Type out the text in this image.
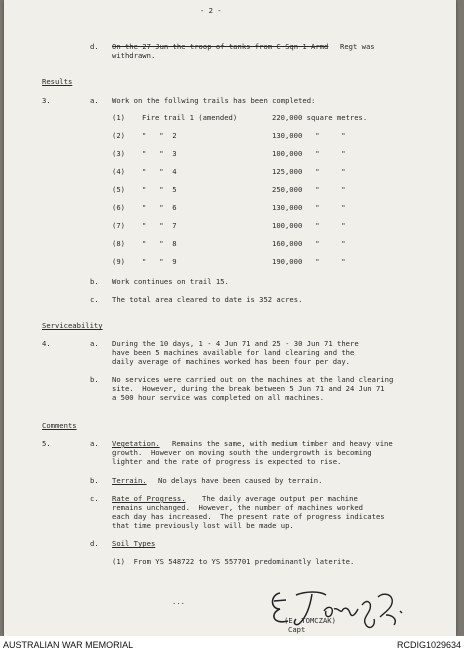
- 2 -
d. On the 27 Jun the troop of tanks from C Sqn 1 Armd Regt was
withdrawn.
Results
3.	a. Work on the follwing trails has been completed:
(1) Fire trail 1 (amended)	220,000 square metres.
(2) "   "  2	130,000   "     "
(3) "   "  3	100,000   "     "
(4) "   "  4	125,000   "     "
(5) "   "  5	250,000   "     "
(6) "   "  6	130,000   "     "
(7) "   "  7	100,000   "     "
(8) "   "  8	160,000   "     "
(9) "   "  9	190,000   "     "
b. Work continues on trail 15.
c. The total area cleared to date is 352 acres.
Serviceability
4.	a. During the 10 days, 1 - 4 Jun 71 and 25 - 30 Jun 71 there
have been 5 machines available for land clearing and the
daily average of machines worked has been four per day.
b. No services were carried out on the machines at the land clearing
site.  However, during the break between 5 Jun 71 and 24 Jun 71
a 500 hour service was completed on all machines.
Comments
5.	a. Vegetation. Remains the same, with medium timber and heavy vine
growth.  However on moving south the undergrowth is becoming
lighter and the rate of progress is expected to rise.
b. Terrain. No delays have been caused by terrain.
c. Rate of Progress. The daily average output per machine
remains unchanged.  However, the number of machines worked
each day has increased.  The present rate of progress indicates
that time previously lost will be made up.
d. Soil Types
(1)  From YS 548722 to YS 557701 predominantly laterite.
...
(E. TOMCZAK)
Capt
AUSTRALIAN WAR MEMORIAL	RCDIG1029634
